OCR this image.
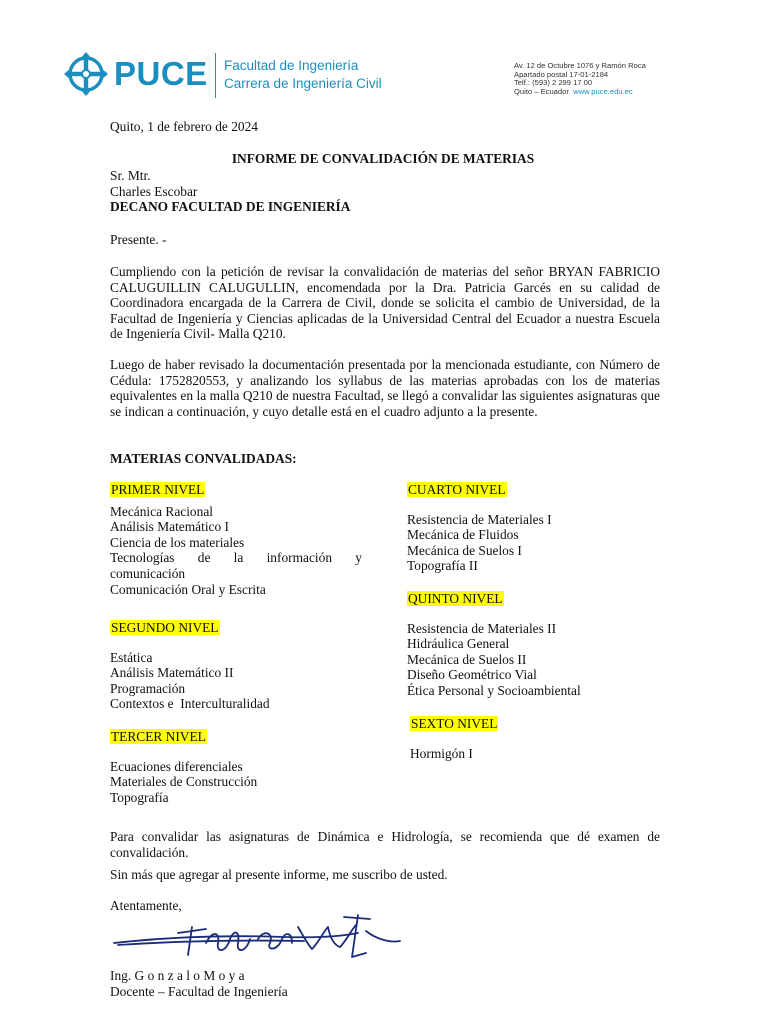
PUCE Facultad de Ingeniería
Carrera de Ingeniería Civil
Av. 12 de Octubre 1076 y Ramón Roca
Apartado postal 17-01-2184
Telf.: (593) 2 299 17 00
Quito – Ecuador www.puce.edu.ec

Quito, 1 de febrero de 2024

INFORME DE CONVALIDACIÓN DE MATERIAS

Sr. Mtr.
Charles Escobar
DECANO FACULTAD DE INGENIERÍA

Presente. -

Cumpliendo con la petición de revisar la convalidación de materias del señor BRYAN FABRICIO CALUGUILLIN CALUGULLIN, encomendada por la Dra. Patricia Garcés en su calidad de Coordinadora encargada de la Carrera de Civil, donde se solicita el cambio de Universidad, de la Facultad de Ingeniería y Ciencias aplicadas de la Universidad Central del Ecuador a nuestra Escuela de Ingeniería Civil- Malla Q210.

Luego de haber revisado la documentación presentada por la mencionada estudiante, con Número de Cédula: 1752820553, y analizando los syllabus de las materias aprobadas con los de materias equivalentes en la malla Q210 de nuestra Facultad, se llegó a convalidar las siguientes asignaturas que se indican a continuación, y cuyo detalle está en el cuadro adjunto a la presente.

MATERIAS CONVALIDADAS:

PRIMER NIVEL
Mecánica Racional
Análisis Matemático I
Ciencia de los materiales
Tecnologías de la información y
comunicación
Comunicación Oral y Escrita
SEGUNDO NIVEL
Estática
Análisis Matemático II
Programación
Contextos e  Interculturalidad
TERCER NIVEL
Ecuaciones diferenciales
Materiales de Construcción
Topografía
CUARTO NIVEL
Resistencia de Materiales I
Mecánica de Fluidos
Mecánica de Suelos I
Topografía II
QUINTO NIVEL
Resistencia de Materiales II
Hidráulica General
Mecánica de Suelos II
Diseño Geométrico Vial
Ética Personal y Socioambiental
SEXTO NIVEL
Hormigón I

Para convalidar las asignaturas de Dinámica e Hidrología, se recomienda que dé examen de convalidación.

Sin más que agregar al presente informe, me suscribo de usted.

Atentamente,

Ing. G o n z a l o M o y a

Docente – Facultad de Ingeniería
